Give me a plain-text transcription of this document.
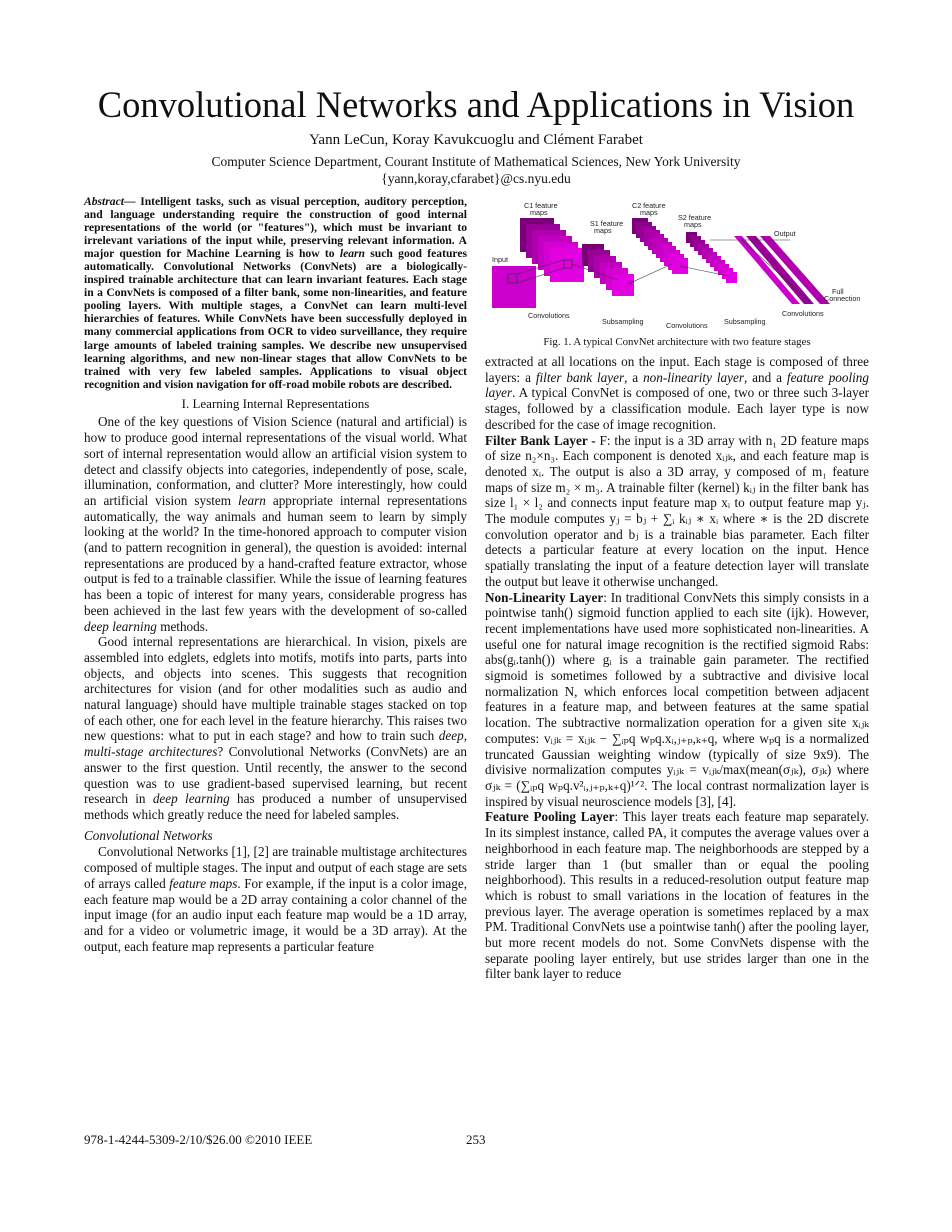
Convolutional Networks and Applications in Vision
Yann LeCun, Koray Kavukcuoglu and Clément Farabet
Computer Science Department, Courant Institute of Mathematical Sciences, New York University
{yann,koray,cfarabet}@cs.nyu.edu

Abstract— Intelligent tasks, such as visual perception, auditory perception, and language understanding require the construction of good internal representations of the world (or "features"), which must be invariant to irrelevant variations of the input while, preserving relevant information. A major question for Machine Learning is how to learn such good features automatically. Convolutional Networks (ConvNets) are a biologically-inspired trainable architecture that can learn invariant features. Each stage in a ConvNets is composed of a filter bank, some non-linearities, and feature pooling layers. With multiple stages, a ConvNet can learn multi-level hierarchies of features. While ConvNets have been successfully deployed in many commercial applications from OCR to video surveillance, they require large amounts of labeled training samples. We describe new unsupervised learning algorithms, and new non-linear stages that allow ConvNets to be trained with very few labeled samples. Applications to visual object recognition and vision navigation for off-road mobile robots are described.

I. Learning Internal Representations

One of the key questions of Vision Science (natural and artificial) is how to produce good internal representations of the visual world. What sort of internal representation would allow an artificial vision system to detect and classify objects into categories, independently of pose, scale, illumination, conformation, and clutter? More interestingly, how could an artificial vision system learn appropriate internal representations automatically, the way animals and human seem to learn by simply looking at the world? In the time-honored approach to computer vision (and to pattern recognition in general), the question is avoided: internal representations are produced by a hand-crafted feature extractor, whose output is fed to a trainable classifier. While the issue of learning features has been a topic of interest for many years, considerable progress has been achieved in the last few years with the development of so-called deep learning methods.

Good internal representations are hierarchical. In vision, pixels are assembled into edglets, edglets into motifs, motifs into parts, parts into objects, and objects into scenes. This suggests that recognition architectures for vision (and for other modalities such as audio and natural language) should have multiple trainable stages stacked on top of each other, one for each level in the feature hierarchy. This raises two new questions: what to put in each stage? and how to train such deep, multi-stage architectures? Convolutional Networks (ConvNets) are an answer to the first question. Until recently, the answer to the second question was to use gradient-based supervised learning, but recent research in deep learning has produced a number of unsupervised methods which greatly reduce the need for labeled samples.

Convolutional Networks

Convolutional Networks [1], [2] are trainable multistage architectures composed of multiple stages. The input and output of each stage are sets of arrays called feature maps. For example, if the input is a color image, each feature map would be a 2D array containing a color channel of the input image (for an audio input each feature map would be a 1D array, and for a video or volumetric image, it would be a 3D array). At the output, each feature map represents a particular feature

C1 feature
maps
S1 feature
maps
C2 feature
maps
S2 feature
maps
Output
Input
Full
Connection
Convolutions
Subsampling	Convolutions Subsampling
Convolutions
Fig. 1. A typical ConvNet architecture with two feature stages

extracted at all locations on the input. Each stage is composed of three layers: a filter bank layer, a non-linearity layer, and a feature pooling layer. A typical ConvNet is composed of one, two or three such 3-layer stages, followed by a classification module. Each layer type is now described for the case of image recognition.

Filter Bank Layer - F: the input is a 3D array with n₁ 2D feature maps of size n₂×n₃. Each component is denoted xᵢⱼₖ, and each feature map is denoted xᵢ. The output is also a 3D array, y composed of m₁ feature maps of size m₂ × m₃. A trainable filter (kernel) kᵢⱼ in the filter bank has size l₁ × l₂ and connects input feature map xᵢ to output feature map yⱼ. The module computes yⱼ = bⱼ + ∑ᵢ kᵢⱼ ∗ xᵢ where ∗ is the 2D discrete convolution operator and bⱼ is a trainable bias parameter. Each filter detects a particular feature at every location on the input. Hence spatially translating the input of a feature detection layer will translate the output but leave it otherwise unchanged.

Non-Linearity Layer: In traditional ConvNets this simply consists in a pointwise tanh() sigmoid function applied to each site (ijk). However, recent implementations have used more sophisticated non-linearities. A useful one for natural image recognition is the rectified sigmoid Rabs: abs(gᵢ.tanh()) where gᵢ is a trainable gain parameter. The rectified sigmoid is sometimes followed by a subtractive and divisive local normalization N, which enforces local competition between adjacent features in a feature map, and between features at the same spatial location. The subtractive normalization operation for a given site xᵢⱼₖ computes: vᵢⱼₖ = xᵢⱼₖ − ∑ᵢₚq wₚq.xᵢ,ⱼ₊ₚ,ₖ₊q, where wₚq is a normalized truncated Gaussian weighting window (typically of size 9x9). The divisive normalization computes yᵢⱼₖ = vᵢⱼₖ/max(mean(σⱼₖ), σⱼₖ) where σⱼₖ = (∑ᵢₚq wₚq.v²ᵢ,ⱼ₊ₚ,ₖ₊q)¹ᐟ². The local contrast normalization layer is inspired by visual neuroscience models [3], [4].

Feature Pooling Layer: This layer treats each feature map separately. In its simplest instance, called PA, it computes the average values over a neighborhood in each feature map. The neighborhoods are stepped by a stride larger than 1 (but smaller than or equal the pooling neighborhood). This results in a reduced-resolution output feature map which is robust to small variations in the location of features in the previous layer. The average operation is sometimes replaced by a max PM. Traditional ConvNets use a pointwise tanh() after the pooling layer, but more recent models do not. Some ConvNets dispense with the separate pooling layer entirely, but use strides larger than one in the filter bank layer to reduce

978-1-4244-5309-2/10/$26.00 ©2010 IEEE	253
